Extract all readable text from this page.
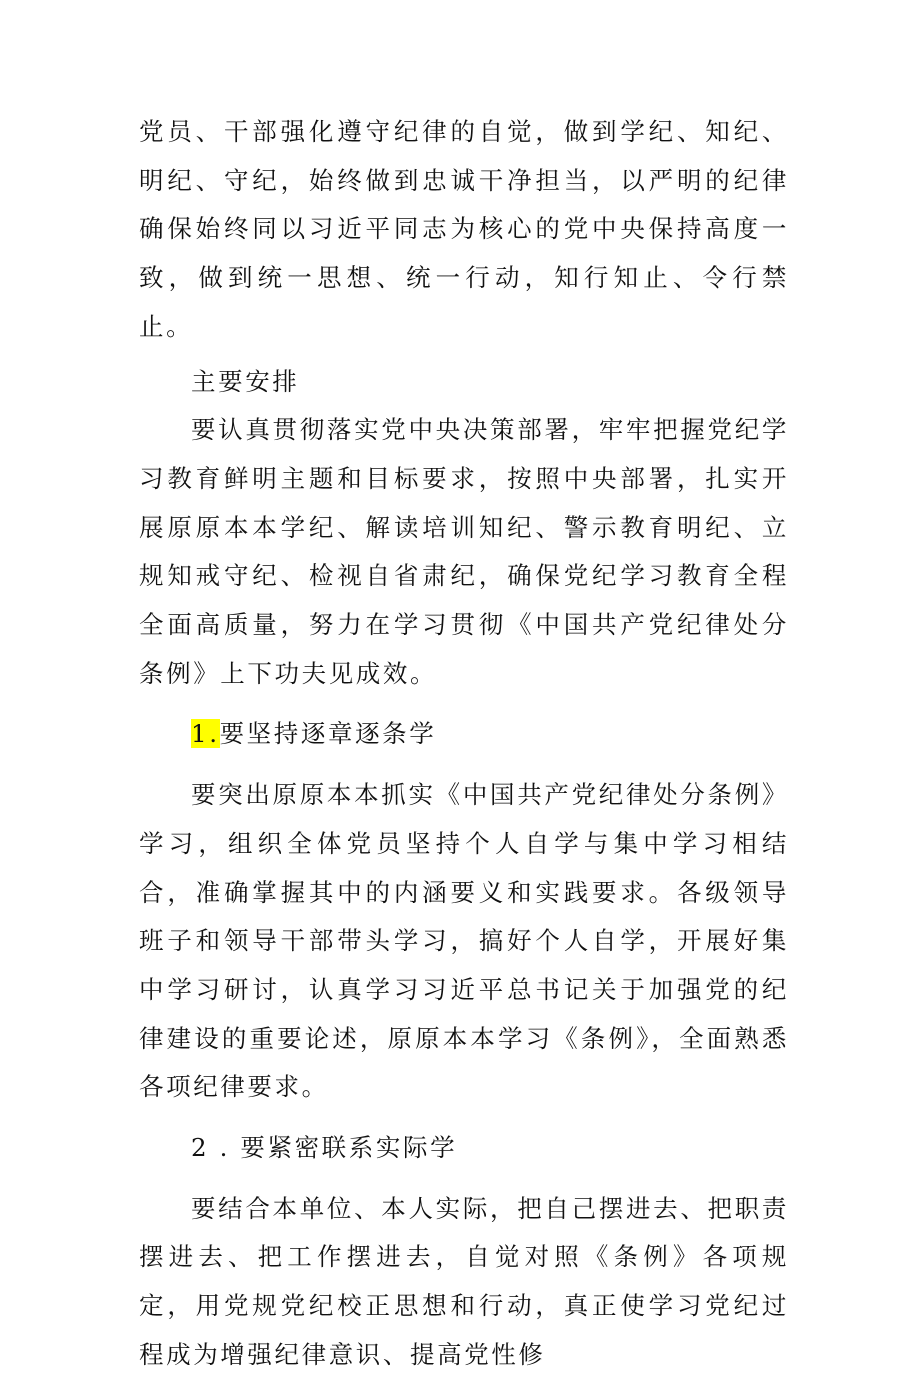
党员、干部强化遵守纪律的自觉，做到学纪、知纪、明纪、守纪，始终做到忠诚干净担当，以严明的纪律确保始终同以习近平同志为核心的党中央保持高度一致，做到统一思想、统一行动，知行知止、令行禁止。

主要安排

要认真贯彻落实党中央决策部署，牢牢把握党纪学习教育鲜明主题和目标要求，按照中央部署，扎实开展原原本本学纪、解读培训知纪、警示教育明纪、立规知戒守纪、检视自省肃纪，确保党纪学习教育全程全面高质量，努力在学习贯彻《中国共产党纪律处分条例》上下功夫见成效。

1.要坚持逐章逐条学

要突出原原本本抓实《中国共产党纪律处分条例》学习，组织全体党员坚持个人自学与集中学习相结合，准确掌握其中的内涵要义和实践要求。各级领导班子和领导干部带头学习，搞好个人自学，开展好集中学习研讨，认真学习习近平总书记关于加强党的纪律建设的重要论述，原原本本学习《条例》，全面熟悉各项纪律要求。

2 . 要紧密联系实际学

要结合本单位、本人实际，把自己摆进去、把职责摆进去、把工作摆进去，自觉对照《条例》各项规定，用党规党纪校正思想和行动，真正使学习党纪过程成为增强纪律意识、提高党性修
